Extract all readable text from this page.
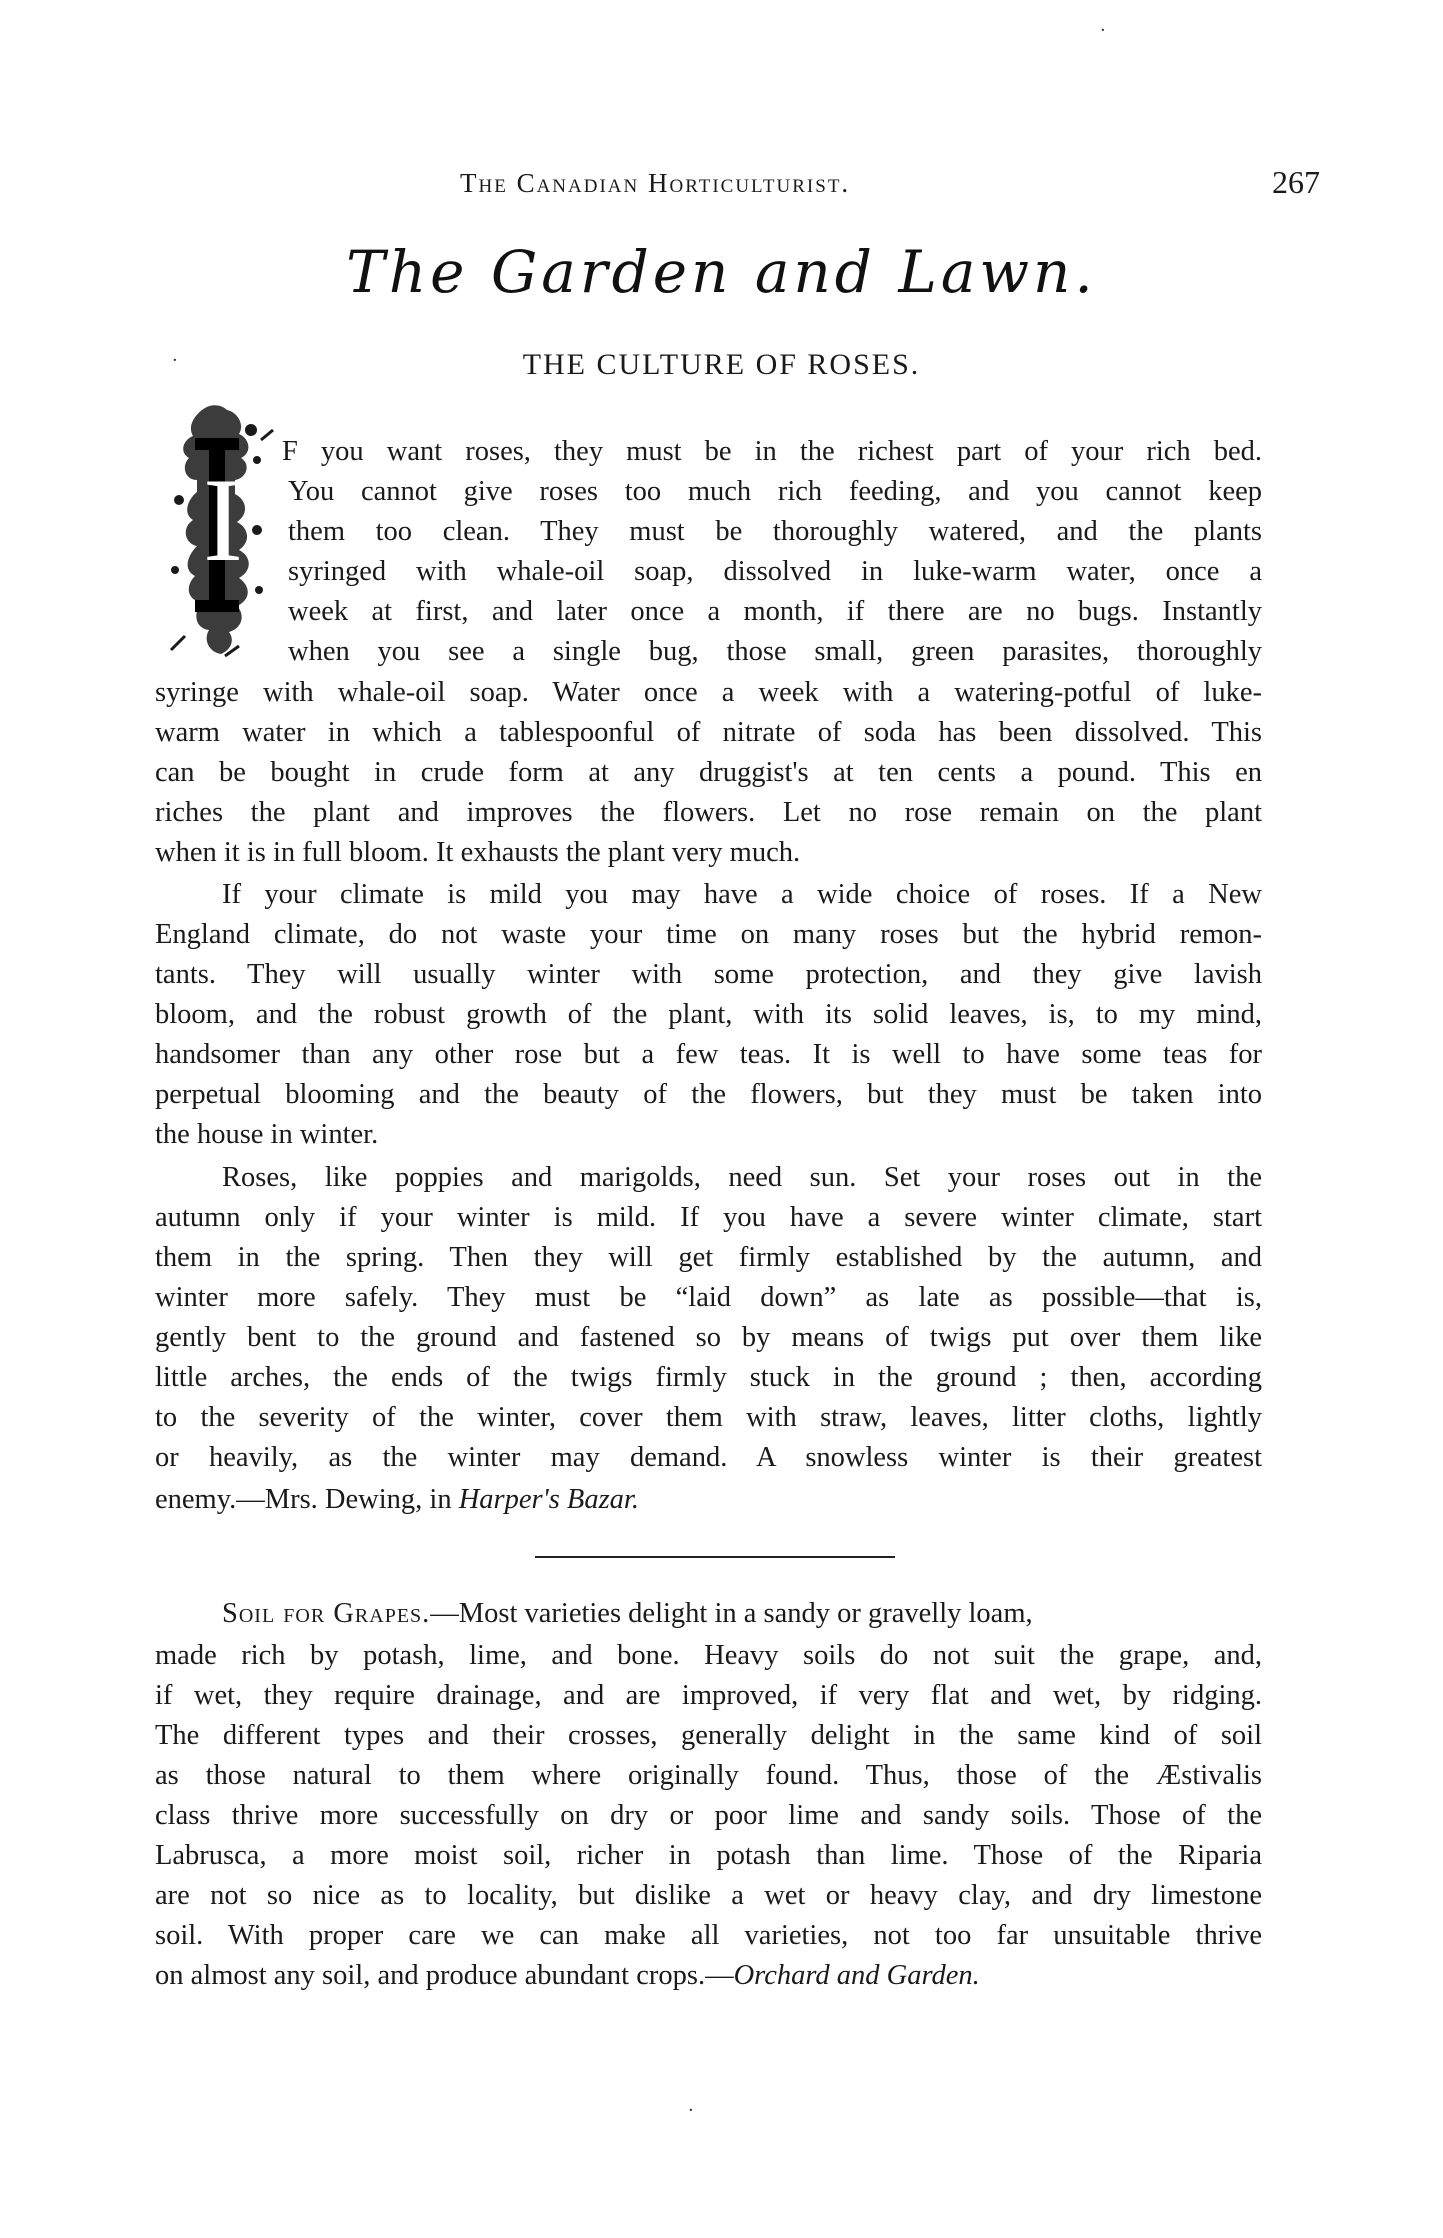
The Canadian Horticulturist.	267
The Garden and Lawn.
THE CULTURE OF ROSES.
I
F you want roses, they must be in the richest part of your rich bed.
You cannot give roses too much rich feeding, and you cannot keep
them too clean. They must be thoroughly watered, and the plants
syringed with whale-oil soap, dissolved in luke-warm water, once a
week at first, and later once a month, if there are no bugs. Instantly
when you see a single bug, those small, green parasites, thoroughly
syringe with whale-oil soap. Water once a week with a watering-potful of luke-
warm water in which a tablespoonful of nitrate of soda has been dissolved. This
can be bought in crude form at any druggist's at ten cents a pound. This en
riches the plant and improves the flowers. Let no rose remain on the plant
when it is in full bloom. It exhausts the plant very much.
If your climate is mild you may have a wide choice of roses. If a New
England climate, do not waste your time on many roses but the hybrid remon-
tants. They will usually winter with some protection, and they give lavish
bloom, and the robust growth of the plant, with its solid leaves, is, to my mind,
handsomer than any other rose but a few teas. It is well to have some teas for
perpetual blooming and the beauty of the flowers, but they must be taken into
the house in winter.
Roses, like poppies and marigolds, need sun. Set your roses out in the
autumn only if your winter is mild. If you have a severe winter climate, start
them in the spring. Then they will get firmly established by the autumn, and
winter more safely. They must be “laid down” as late as possible—that is,
gently bent to the ground and fastened so by means of twigs put over them like
little arches, the ends of the twigs firmly stuck in the ground ; then, according
to the severity of the winter, cover them with straw, leaves, litter cloths, lightly
or heavily, as the winter may demand. A snowless winter is their greatest
enemy.—Mrs. Dewing, in Harper's Bazar.
Soil for Grapes.—Most varieties delight in a sandy or gravelly loam,
made rich by potash, lime, and bone. Heavy soils do not suit the grape, and,
if wet, they require drainage, and are improved, if very flat and wet, by ridging.
The different types and their crosses, generally delight in the same kind of soil
as those natural to them where originally found. Thus, those of the Æstivalis
class thrive more successfully on dry or poor lime and sandy soils. Those of the
Labrusca, a more moist soil, richer in potash than lime. Those of the Riparia
are not so nice as to locality, but dislike a wet or heavy clay, and dry limestone
soil. With proper care we can make all varieties, not too far unsuitable thrive
on almost any soil, and produce abundant crops.—Orchard and Garden.
·
·
·
